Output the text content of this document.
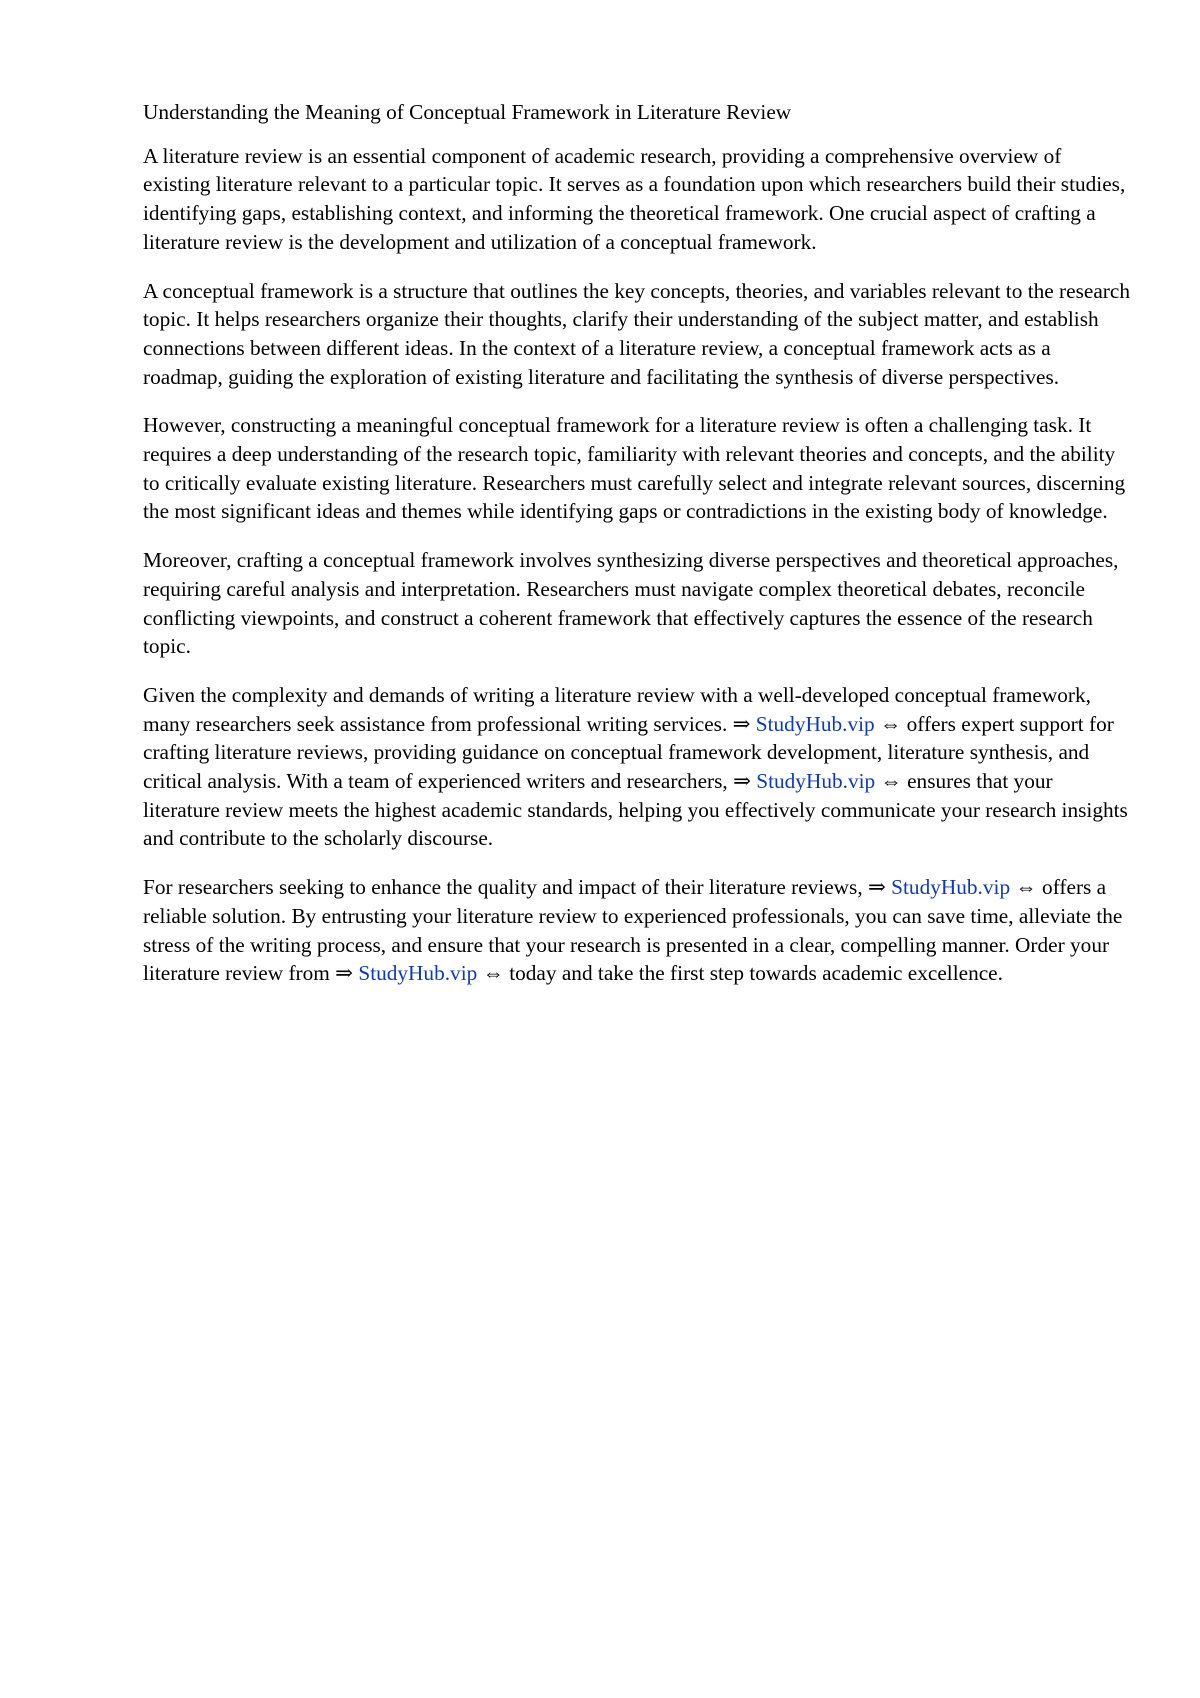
Understanding the Meaning of Conceptual Framework in Literature Review

A literature review is an essential component of academic research, providing a comprehensive overview of existing literature relevant to a particular topic. It serves as a foundation upon which researchers build their studies, identifying gaps, establishing context, and informing the theoretical framework. One crucial aspect of crafting a literature review is the development and utilization of a conceptual framework.

A conceptual framework is a structure that outlines the key concepts, theories, and variables relevant to the research topic. It helps researchers organize their thoughts, clarify their understanding of the subject matter, and establish connections between different ideas. In the context of a literature review, a conceptual framework acts as a roadmap, guiding the exploration of existing literature and facilitating the synthesis of diverse perspectives.

However, constructing a meaningful conceptual framework for a literature review is often a challenging task. It requires a deep understanding of the research topic, familiarity with relevant theories and concepts, and the ability to critically evaluate existing literature. Researchers must carefully select and integrate relevant sources, discerning the most significant ideas and themes while identifying gaps or contradictions in the existing body of knowledge.

Moreover, crafting a conceptual framework involves synthesizing diverse perspectives and theoretical approaches, requiring careful analysis and interpretation. Researchers must navigate complex theoretical debates, reconcile conflicting viewpoints, and construct a coherent framework that effectively captures the essence of the research topic.

Given the complexity and demands of writing a literature review with a well-developed conceptual framework, many researchers seek assistance from professional writing services. ⇒ StudyHub.vip ⇔ offers expert support for crafting literature reviews, providing guidance on conceptual framework development, literature synthesis, and critical analysis. With a team of experienced writers and researchers, ⇒ StudyHub.vip ⇔ ensures that your literature review meets the highest academic standards, helping you effectively communicate your research insights and contribute to the scholarly discourse.

For researchers seeking to enhance the quality and impact of their literature reviews, ⇒ StudyHub.vip ⇔ offers a reliable solution. By entrusting your literature review to experienced professionals, you can save time, alleviate the stress of the writing process, and ensure that your research is presented in a clear, compelling manner. Order your literature review from ⇒ StudyHub.vip ⇔ today and take the first step towards academic excellence.
